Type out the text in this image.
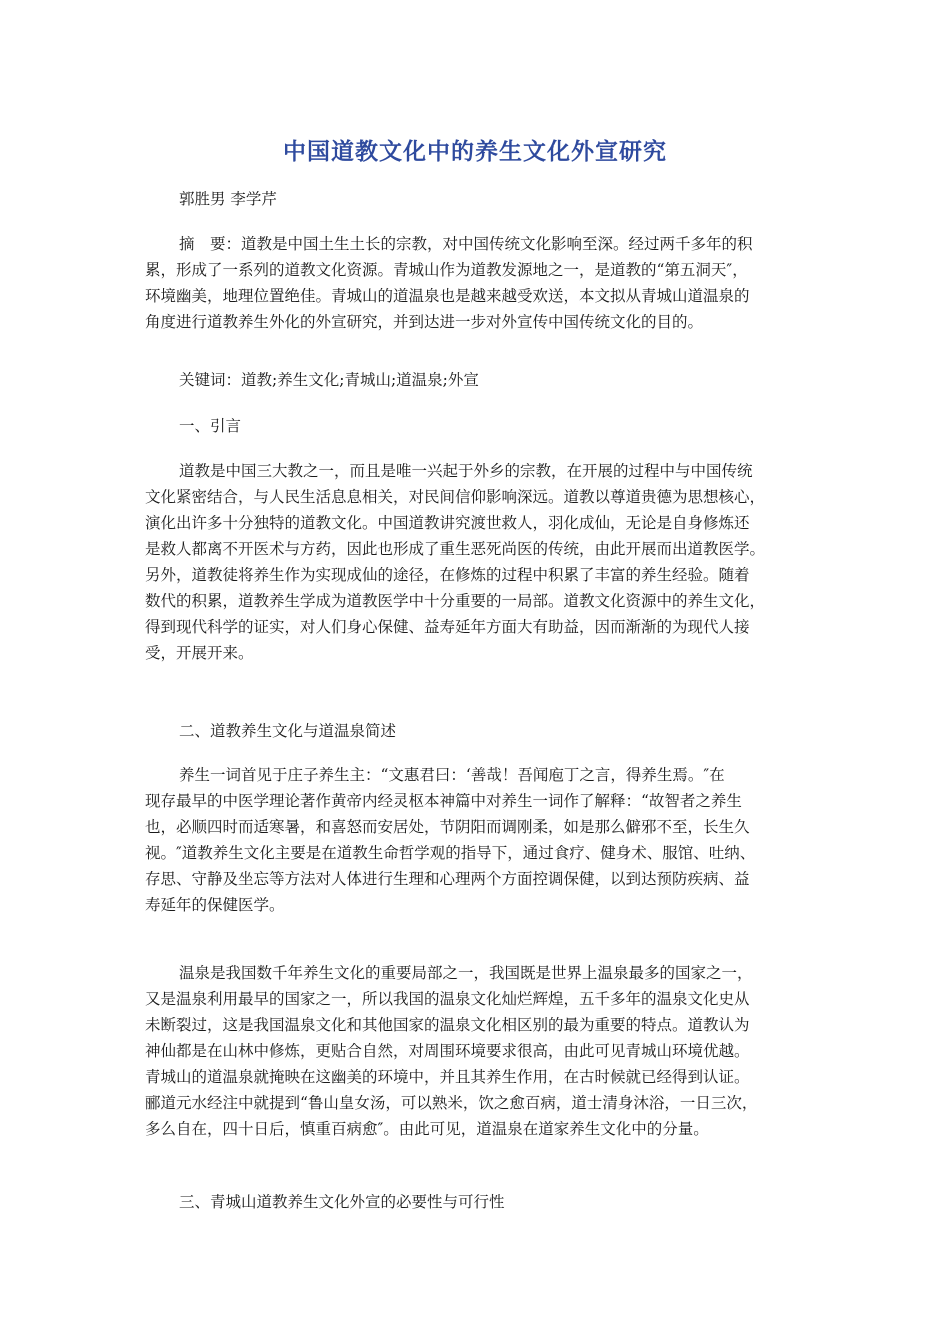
中国道教文化中的养生文化外宣研究

郭胜男 李学芹

摘　要：道教是中国土生土长的宗教，对中国传统文化影响至深。经过两千多年的积

累，形成了一系列的道教文化资源。青城山作为道教发源地之一，是道教的“第五洞天″，

环境幽美，地理位置绝佳。青城山的道温泉也是越来越受欢送，本文拟从青城山道温泉的

角度进行道教养生外化的外宣研究，并到达进一步对外宣传中国传统文化的目的。

关键词：道教;养生文化;青城山;道温泉;外宣

一、引言

道教是中国三大教之一，而且是唯一兴起于外乡的宗教，在开展的过程中与中国传统

文化紧密结合，与人民生活息息相关，对民间信仰影响深远。道教以尊道贵德为思想核心，

演化出许多十分独特的道教文化。中国道教讲究渡世救人，羽化成仙，无论是自身修炼还

是救人都离不开医术与方药，因此也形成了重生恶死尚医的传统，由此开展而出道教医学。

另外，道教徒将养生作为实现成仙的途径，在修炼的过程中积累了丰富的养生经验。随着

数代的积累，道教养生学成为道教医学中十分重要的一局部。道教文化资源中的养生文化，

得到现代科学的证实，对人们身心保健、益寿延年方面大有助益，因而渐渐的为现代人接

受，开展开来。

二、道教养生文化与道温泉简述

养生一词首见于庄子养生主：“文惠君曰：‘善哉！吾闻庖丁之言，得养生焉。″在

现存最早的中医学理论著作黄帝内经灵枢本神篇中对养生一词作了解释：“故智者之养生

也，必顺四时而适寒暑，和喜怒而安居处，节阴阳而调刚柔，如是那么僻邪不至，长生久

视。″道教养生文化主要是在道教生命哲学观的指导下，通过食疗、健身术、服馆、吐纳、

存思、守静及坐忘等方法对人体进行生理和心理两个方面控调保健，以到达预防疾病、益

寿延年的保健医学。

温泉是我国数千年养生文化的重要局部之一，我国既是世界上温泉最多的国家之一，

又是温泉利用最早的国家之一，所以我国的温泉文化灿烂辉煌，五千多年的温泉文化史从

未断裂过，这是我国温泉文化和其他国家的温泉文化相区别的最为重要的特点。道教认为

神仙都是在山林中修炼，更贴合自然，对周围环境要求很高，由此可见青城山环境优越。

青城山的道温泉就掩映在这幽美的环境中，并且其养生作用，在古时候就已经得到认证。

郦道元水经注中就提到“鲁山皇女汤，可以熟米，饮之愈百病，道士清身沐浴，一日三次，

多么自在，四十日后，慎重百病愈″。由此可见，道温泉在道家养生文化中的分量。

三、青城山道教养生文化外宣的必要性与可行性
